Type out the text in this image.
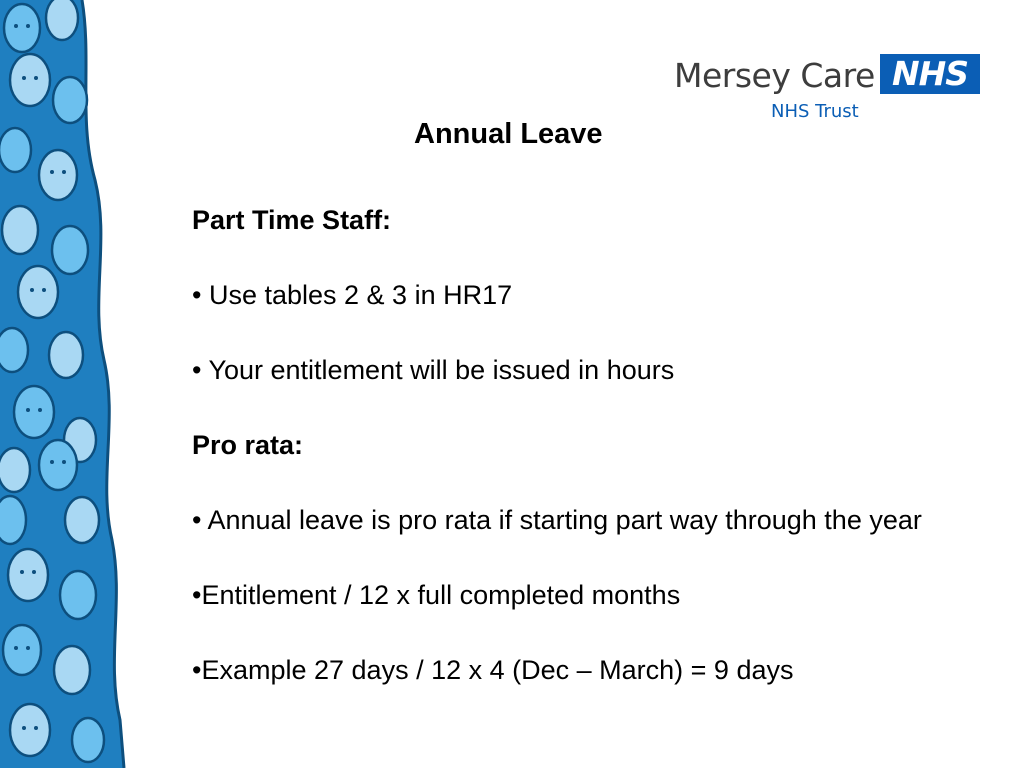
Mersey Care NHS
NHS Trust
Annual Leave

Part Time Staff:

• Use tables 2 & 3 in HR17

• Your entitlement will be issued in hours

Pro rata:

• Annual leave is pro rata if starting part way through the year

•Entitlement / 12 x full completed months

•Example 27 days / 12 x 4 (Dec – March) = 9 days
